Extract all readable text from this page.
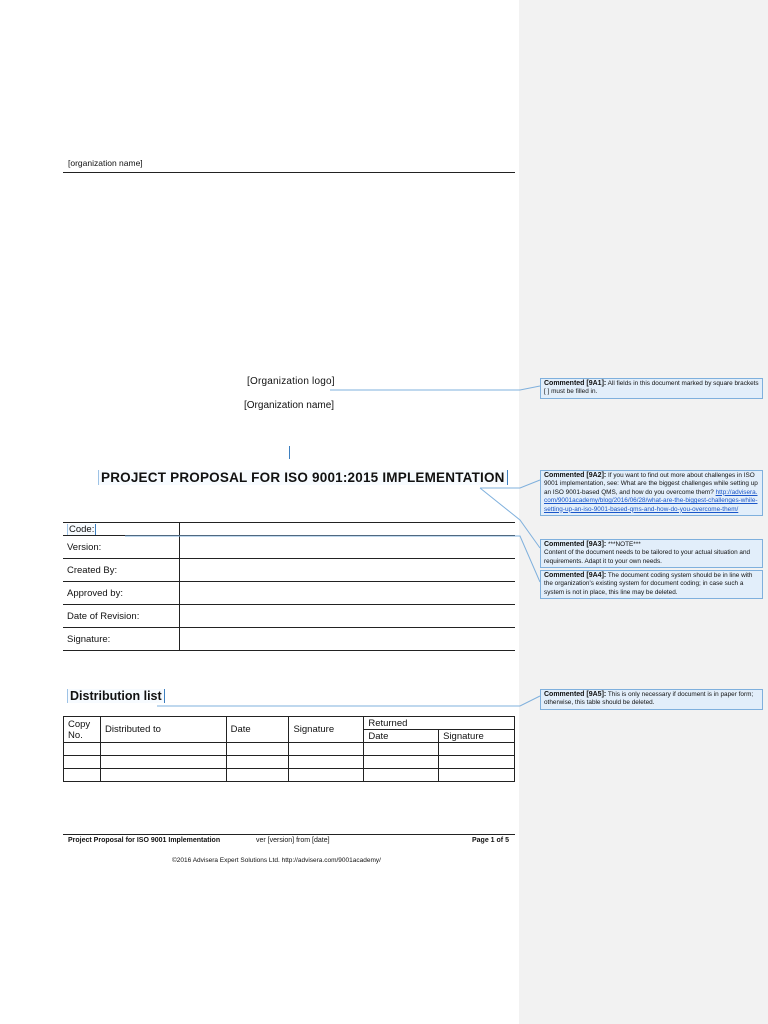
[organization name]
[Organization logo]
[Organization name]
PROJECT PROPOSAL FOR ISO 9001:2015 IMPLEMENTATION
Code:	
Version:	
Created By:	
Approved by:	
Date of Revision:	
Signature:	
Distribution list
Copy No.	Distributed to	Date	Signature	Returned	
				Date	Signature

Project Proposal for ISO 9001 Implementation	ver [version] from [date]	Page 1 of 5
©2016 Advisera Expert Solutions Ltd. http://advisera.com/9001academy/
Commented [9A1]: All fields in this document marked by square brackets [ ] must be filled in.
Commented [9A2]: If you want to find out more about challenges in ISO 9001 implementation, see: What are the biggest challenges while setting up an ISO 9001-based QMS, and how do you overcome them? http://advisera.com/9001academy/blog/2016/06/28/what-are-the-biggest-challenges-while-setting-up-an-iso-9001-based-qms-and-how-do-you-overcome-them/
Commented [9A3]: ***NOTE***
Content of the document needs to be tailored to your actual situation and requirements. Adapt it to your own needs.
Commented [9A4]: The document coding system should be in line with the organization's existing system for document coding; in case such a system is not in place, this line may be deleted.
Commented [9A5]: This is only necessary if document is in paper form; otherwise, this table should be deleted.
